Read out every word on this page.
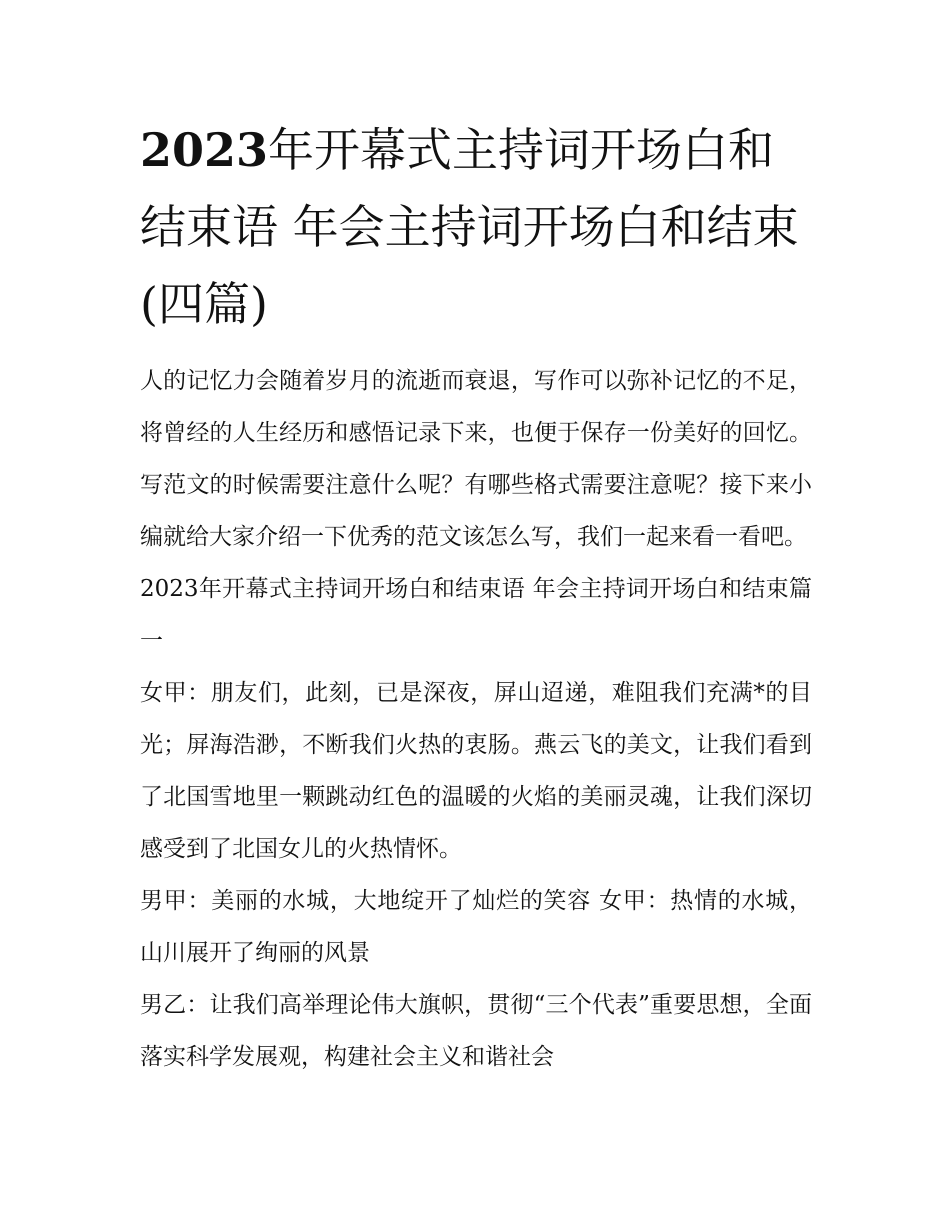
2023年开幕式主持词开场白和结束语 年会主持词开场白和结束(四篇)

人的记忆力会随着岁月的流逝而衰退，写作可以弥补记忆的不足，将曾经的人生经历和感悟记录下来，也便于保存一份美好的回忆。写范文的时候需要注意什么呢？有哪些格式需要注意呢？接下来小编就给大家介绍一下优秀的范文该怎么写，我们一起来看一看吧。

2023年开幕式主持词开场白和结束语 年会主持词开场白和结束篇一

女甲：朋友们，此刻，已是深夜，屏山迢递，难阻我们充满*的目光；屏海浩渺，不断我们火热的衷肠。燕云飞的美文，让我们看到了北国雪地里一颗跳动红色的温暖的火焰的美丽灵魂，让我们深切感受到了北国女儿的火热情怀。

男甲：美丽的水城，大地绽开了灿烂的笑容 女甲：热情的水城，山川展开了绚丽的风景

男乙：让我们高举理论伟大旗帜，贯彻“三个代表”重要思想，全面落实科学发展观，构建社会主义和谐社会
